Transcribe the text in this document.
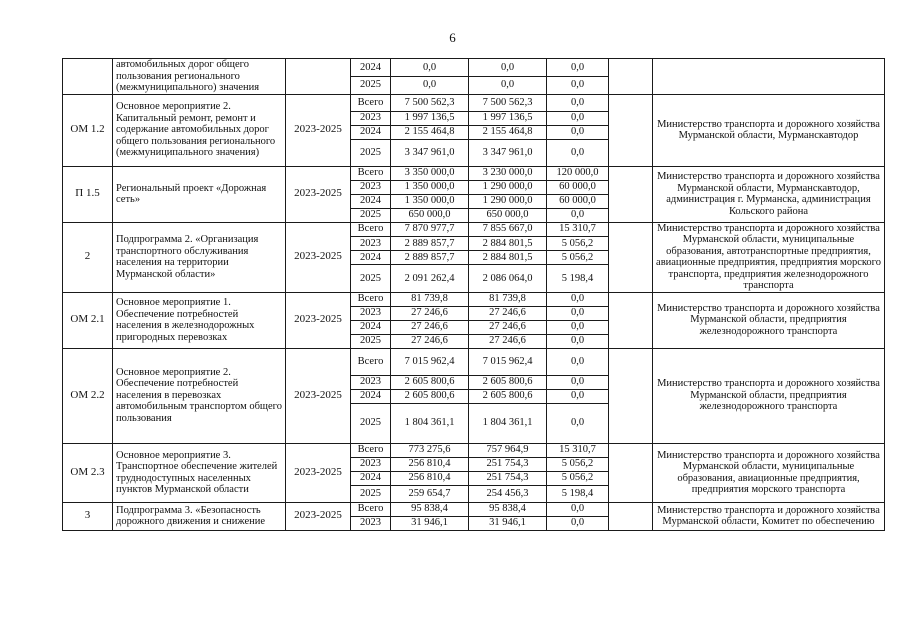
6
	автомобильных дорог общего пользования регионального (межмуниципального) значения		2024	0,0	0,0	0,0		
			2025	0,0	0,0	0,0		
ОМ 1.2	Основное мероприятие 2. Капитальный ремонт, ремонт и содержание автомобильных дорог общего пользования регионального (межмуниципального значения)	2023-2025	Всего	7 500 562,3	7 500 562,3	0,0		Министерство транспорта и дорожного хозяйства Мурманской области, Мурманскавтодор
			2023	1 997 136,5	1 997 136,5	0,0		
			2024	2 155 464,8	2 155 464,8	0,0		
			2025	3 347 961,0	3 347 961,0	0,0		
П 1.5	Региональный проект «Дорожная сеть»	2023-2025	Всего	3 350 000,0	3 230 000,0	120 000,0		Министерство транспорта и дорожного хозяйства Мурманской области, Мурманскавтодор, администрация г. Мурманска, администрация Кольского района
			2023	1 350 000,0	1 290 000,0	60 000,0		
			2024	1 350 000,0	1 290 000,0	60 000,0		
			2025	650 000,0	650 000,0	0,0		
2	Подпрограмма 2. «Организация транспортного обслуживания населения на территории Мурманской области»	2023-2025	Всего	7 870 977,7	7 855 667,0	15 310,7		Министерство транспорта и дорожного хозяйства Мурманской области, муниципальные образования, автотранспортные предприятия, авиационные предприятия, предприятия морского транспорта, предприятия железнодорожного транспорта
			2023	2 889 857,7	2 884 801,5	5 056,2		
			2024	2 889 857,7	2 884 801,5	5 056,2		
			2025	2 091 262,4	2 086 064,0	5 198,4		
ОМ 2.1	Основное мероприятие 1. Обеспечение потребностей населения в железнодорожных пригородных перевозках	2023-2025	Всего	81 739,8	81 739,8	0,0		Министерство транспорта и дорожного хозяйства Мурманской области, предприятия железнодорожного транспорта
			2023	27 246,6	27 246,6	0,0		
			2024	27 246,6	27 246,6	0,0		
			2025	27 246,6	27 246,6	0,0		
ОМ 2.2	Основное мероприятие 2. Обеспечение потребностей населения в перевозках автомобильным транспортом общего пользования	2023-2025	Всего	7 015 962,4	7 015 962,4	0,0		Министерство транспорта и дорожного хозяйства Мурманской области, предприятия железнодорожного транспорта
			2023	2 605 800,6	2 605 800,6	0,0		
			2024	2 605 800,6	2 605 800,6	0,0		
			2025	1 804 361,1	1 804 361,1	0,0		
ОМ 2.3	Основное мероприятие 3. Транспортное обеспечение жителей труднодоступных населенных пунктов Мурманской области	2023-2025	Всего	773 275,6	757 964,9	15 310,7		Министерство транспорта и дорожного хозяйства Мурманской области, муниципальные образования, авиационные предприятия, предприятия морского транспорта
			2023	256 810,4	251 754,3	5 056,2		
			2024	256 810,4	251 754,3	5 056,2		
			2025	259 654,7	254 456,3	5 198,4		
3	Подпрограмма 3. «Безопасность дорожного движения и снижение	2023-2025	Всего	95 838,4	95 838,4	0,0		Министерство транспорта и дорожного хозяйства Мурманской области, Комитет по обеспечению
			2023	31 946,1	31 946,1	0,0		
